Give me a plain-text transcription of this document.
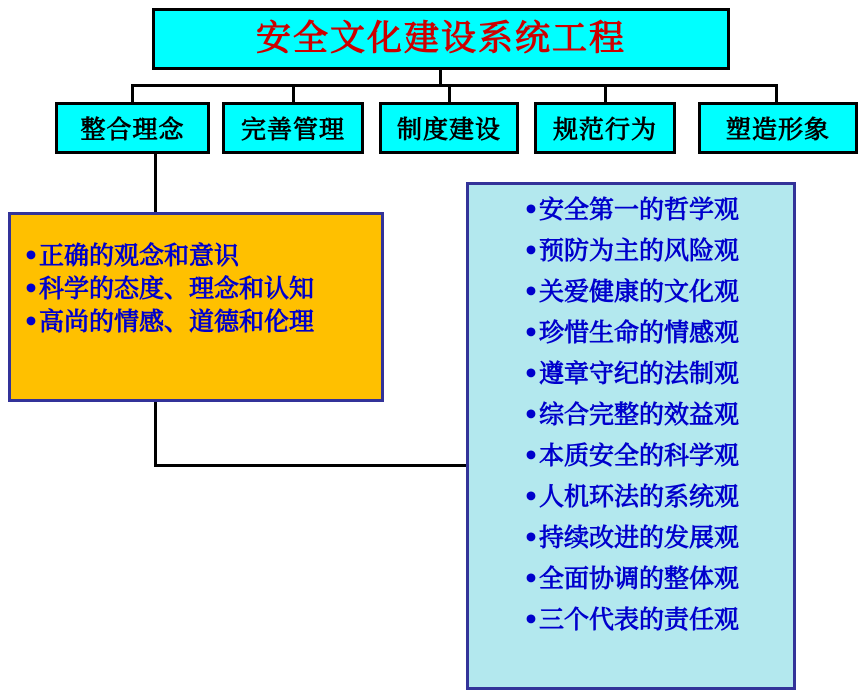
安全文化建设系统工程
整合理念 完善管理 制度建设 规范行为	塑造形象
•正确的观念和意识
•科学的态度、理念和认知
•高尚的情感、道德和伦理
•安全第一的哲学观
•预防为主的风险观
•关爱健康的文化观
•珍惜生命的情感观
•遵章守纪的法制观
•综合完整的效益观
•本质安全的科学观
•人机环法的系统观
•持续改进的发展观
•全面协调的整体观
•三个代表的责任观
